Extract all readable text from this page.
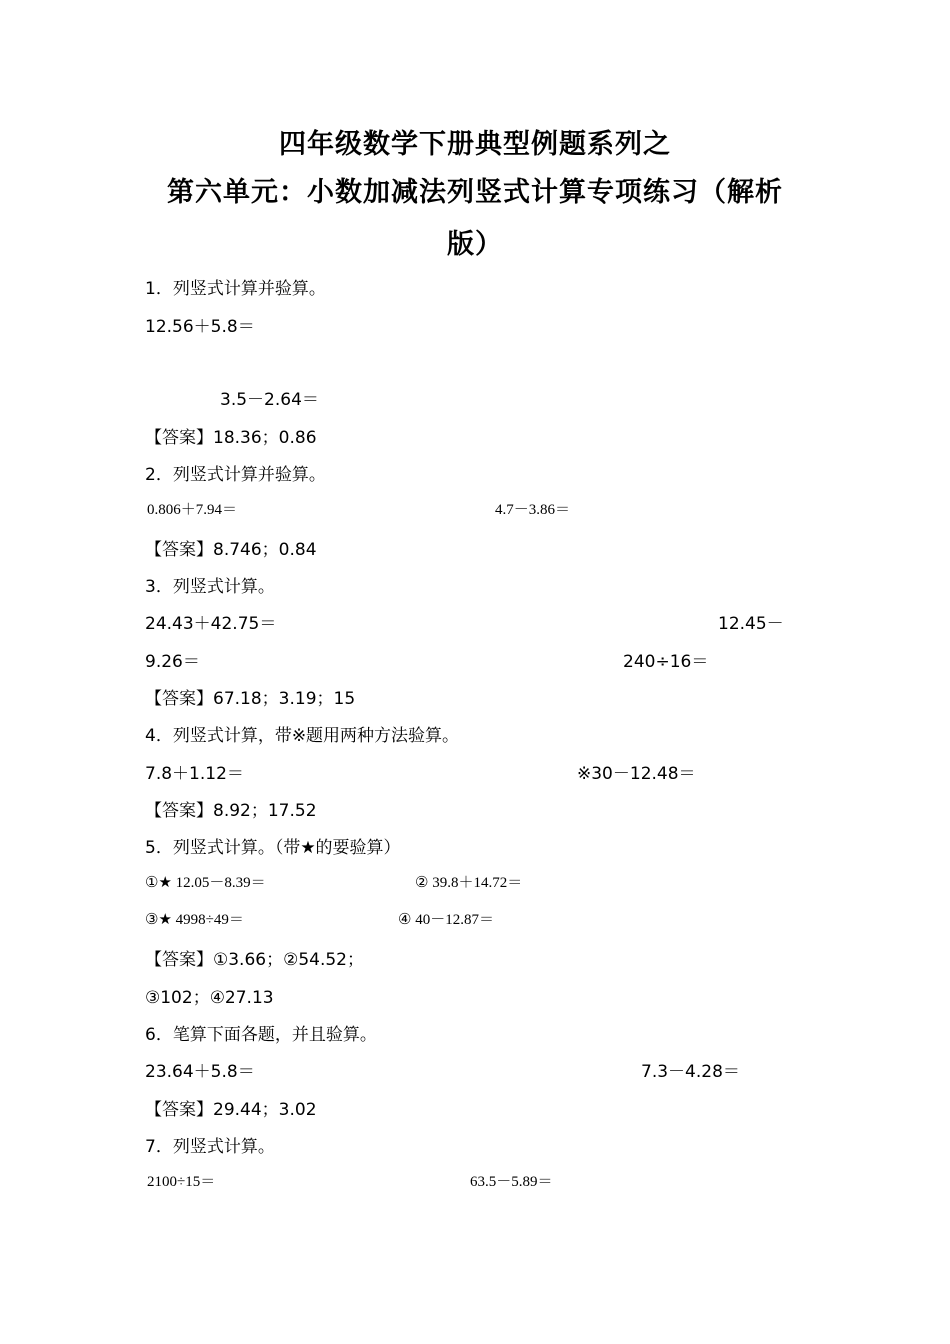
四年级数学下册典型例题系列之
第六单元：小数加减法列竖式计算专项练习（解析
版）
1．列竖式计算并验算。
12.56＋5.8＝
3.5－2.64＝
【答案】18.36；0.86
2．列竖式计算并验算。
0.806＋7.94＝	4.7－3.86＝
【答案】8.746；0.84
3．列竖式计算。
24.43＋42.75＝	12.45－
9.26＝	240÷16＝
【答案】67.18；3.19；15
4．列竖式计算，带※题用两种方法验算。
7.8＋1.12＝	※30－12.48＝
【答案】8.92；17.52
5．列竖式计算。（带★的要验算）
①★ 12.05－8.39＝	② 39.8＋14.72＝
③★ 4998÷49＝	④ 40－12.87＝
【答案】①3.66；②54.52；
③102；④27.13
6．笔算下面各题，并且验算。
23.64＋5.8＝	7.3－4.28＝
【答案】29.44；3.02
7．列竖式计算。
2100÷15＝	63.5－5.89＝
